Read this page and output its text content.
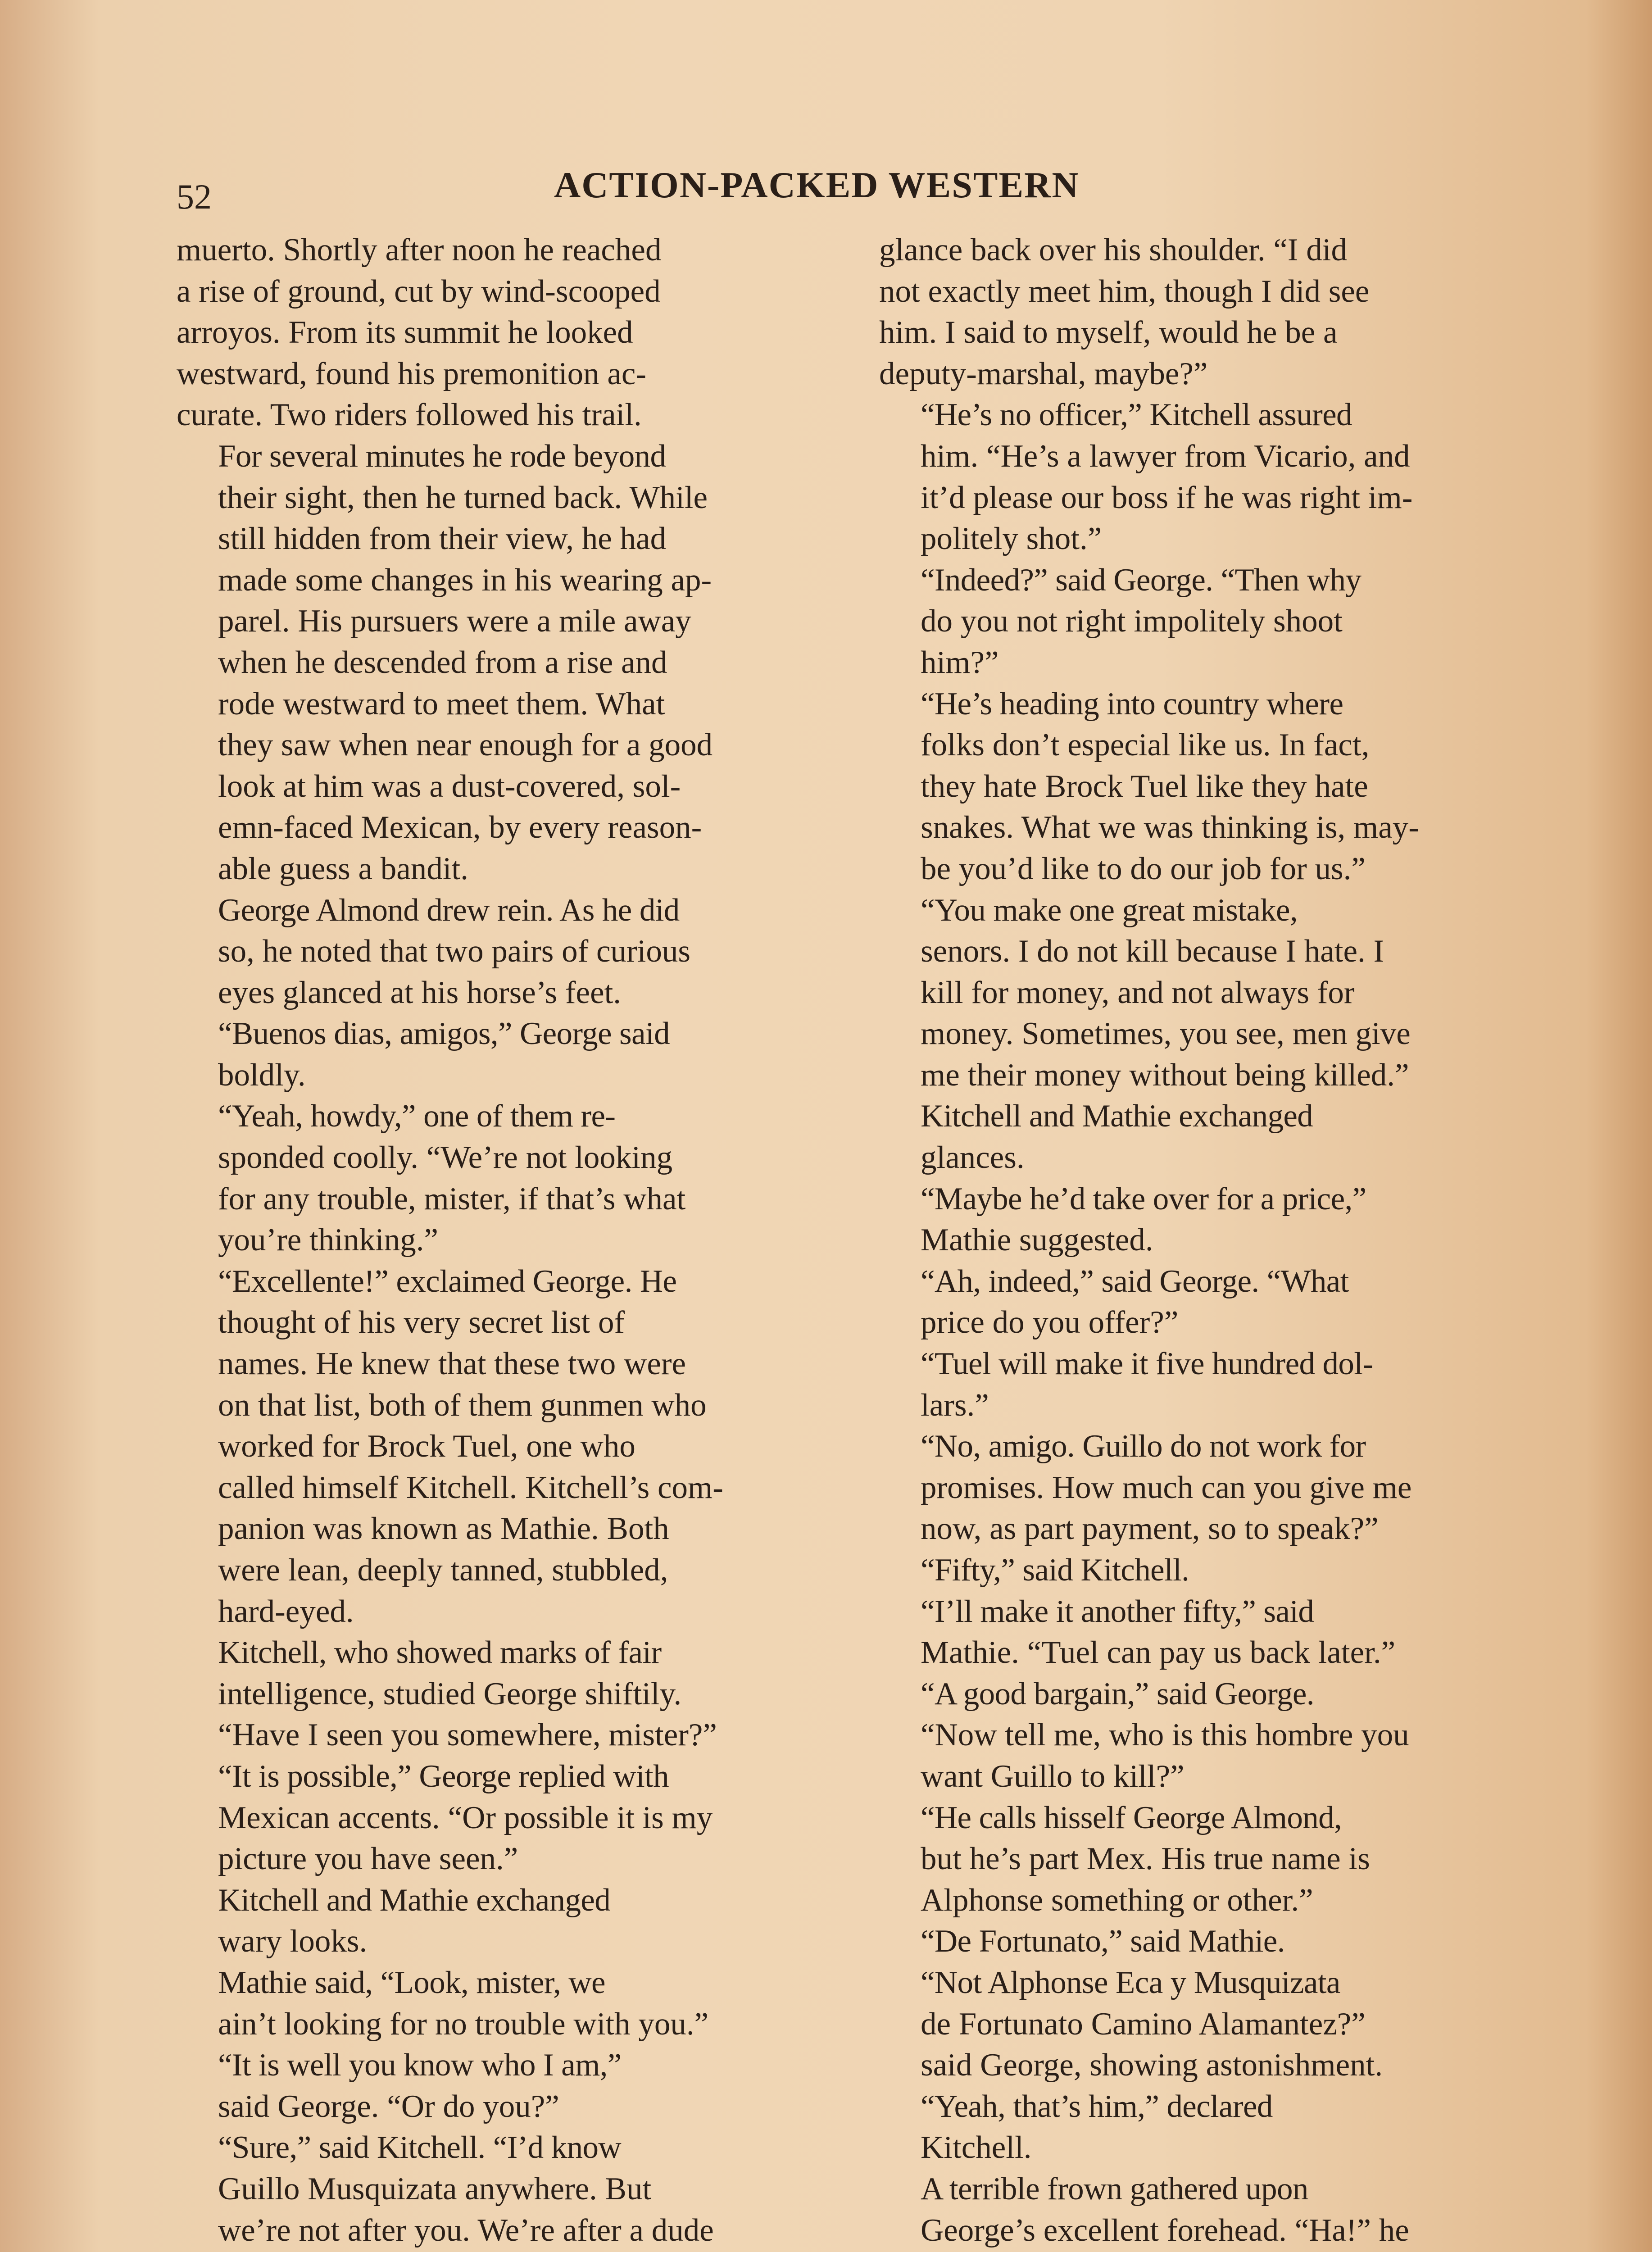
52	ACTION-PACKED WESTERN

muerto. Shortly after noon he reached
a rise of ground, cut by wind-scooped
arroyos. From its summit he looked
westward, found his premonition ac-
curate. Two riders followed his trail.

For several minutes he rode beyond
their sight, then he turned back. While
still hidden from their view, he had
made some changes in his wearing ap-
parel. His pursuers were a mile away
when he descended from a rise and
rode westward to meet them. What
they saw when near enough for a good
look at him was a dust-covered, sol-
emn-faced Mexican, by every reason-
able guess a bandit.

George Almond drew rein. As he did
so, he noted that two pairs of curious
eyes glanced at his horse’s feet.

“Buenos dias, amigos,” George said
boldly.

“Yeah, howdy,” one of them re-
sponded coolly. “We’re not looking
for any trouble, mister, if that’s what
you’re thinking.”

“Excellente!” exclaimed George. He
thought of his very secret list of
names. He knew that these two were
on that list, both of them gunmen who
worked for Brock Tuel, one who
called himself Kitchell. Kitchell’s com-
panion was known as Mathie. Both
were lean, deeply tanned, stubbled,
hard-eyed.

Kitchell, who showed marks of fair
intelligence, studied George shiftily.
“Have I seen you somewhere, mister?”

“It is possible,” George replied with
Mexican accents. “Or possible it is my
picture you have seen.”

Kitchell and Mathie exchanged
wary looks.

Mathie said, “Look, mister, we
ain’t looking for no trouble with you.”

“It is well you know who I am,”
said George. “Or do you?”

“Sure,” said Kitchell. “I’d know
Guillo Musquizata anywhere. But
we’re not after you. We’re after a dude

glance back over his shoulder. “I did
not exactly meet him, though I did see
him. I said to myself, would he be a
deputy-marshal, maybe?”

“He’s no officer,” Kitchell assured
him. “He’s a lawyer from Vicario, and
it’d please our boss if he was right im-
politely shot.”

“Indeed?” said George. “Then why
do you not right impolitely shoot
him?”

“He’s heading into country where
folks don’t especial like us. In fact,
they hate Brock Tuel like they hate
snakes. What we was thinking is, may-
be you’d like to do our job for us.”

“You make one great mistake,
senors. I do not kill because I hate. I
kill for money, and not always for
money. Sometimes, you see, men give
me their money without being killed.”

Kitchell and Mathie exchanged
glances.

“Maybe he’d take over for a price,”
Mathie suggested.

“Ah, indeed,” said George. “What
price do you offer?”

“Tuel will make it five hundred dol-
lars.”

“No, amigo. Guillo do not work for
promises. How much can you give me
now, as part payment, so to speak?”

“Fifty,” said Kitchell.

“I’ll make it another fifty,” said
Mathie. “Tuel can pay us back later.”

“A good bargain,” said George.
“Now tell me, who is this hombre you
want Guillo to kill?”

“He calls hisself George Almond,
but he’s part Mex. His true name is
Alphonse something or other.”

“De Fortunato,” said Mathie.

“Not Alphonse Eca y Musquizata
de Fortunato Camino Alamantez?”
said George, showing astonishment.

“Yeah, that’s him,” declared
Kitchell.

A terrible frown gathered upon
George’s excellent forehead. “Ha!” he
